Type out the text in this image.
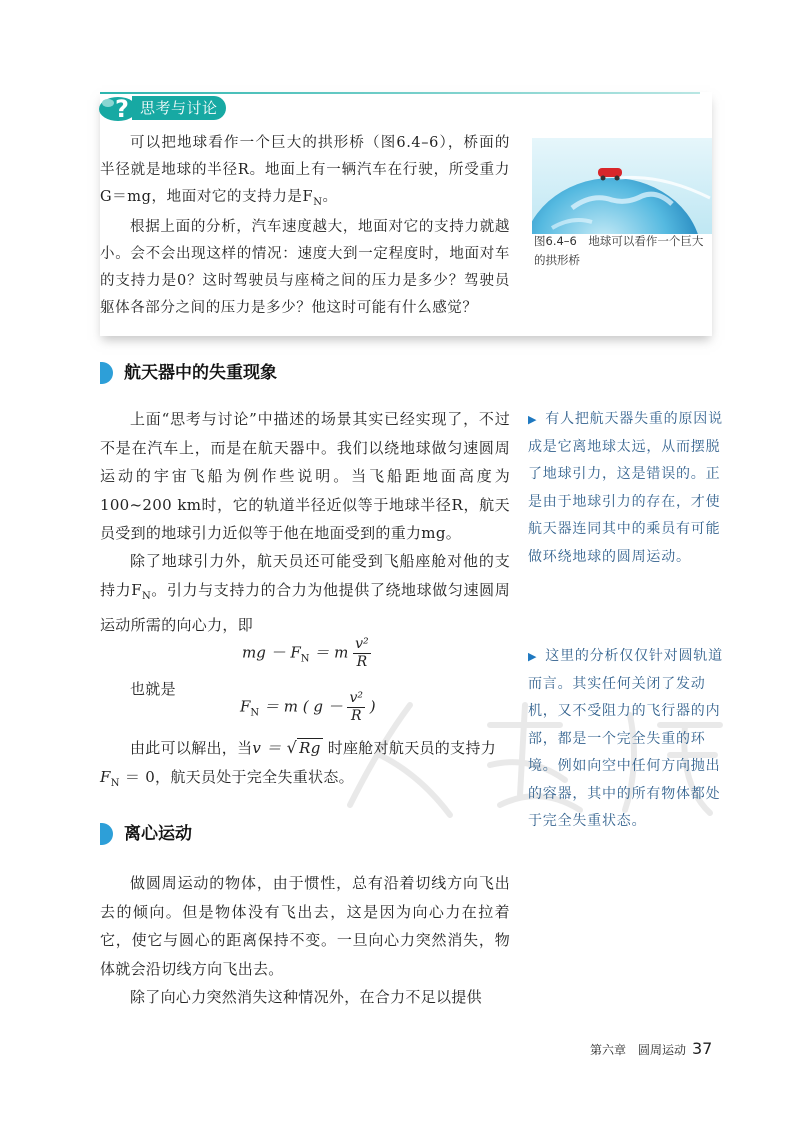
? 思考与讨论
可以把地球看作一个巨大的拱形桥（图6.4–6），桥面的半径就是地球的半径R。地面上有一辆汽车在行驶，所受重力G＝mg，地面对它的支持力是$F_N$。
根据上面的分析，汽车速度越大，地面对它的支持力就越小。会不会出现这样的情况：速度大到一定程度时，地面对车的支持力是0？这时驾驶员与座椅之间的压力是多少？驾驶员躯体各部分之间的压力是多少？他这时可能有什么感觉？
图6.4–6　地球可以看作一个巨大的拱形桥
航天器中的失重现象
上面“思考与讨论”中描述的场景其实已经实现了，不过不是在汽车上，而是在航天器中。我们以绕地球做匀速圆周运动的宇宙飞船为例作些说明。当飞船距地面高度为100~200 km时，它的轨道半径近似等于地球半径R，航天员受到的地球引力近似等于他在地面受到的重力mg。
除了地球引力外，航天员还可能受到飞船座舱对他的支持力$F_N$。引力与支持力的合力为他提供了绕地球做匀速圆周运动所需的向心力，即
mg － $F_N = m \frac{\text{v²}}{R}$
也就是
$F_N = m$ ( $g - \frac{\text{v²}}{R}$ )
由此可以解出，当v ＝ √ Rg 时座舱对航天员的支持力
$F_N = 0$，航天员处于完全失重状态。
离心运动
做圆周运动的物体，由于惯性，总有沿着切线方向飞出去的倾向。但是物体没有飞出去，这是因为向心力在拉着它，使它与圆心的距离保持不变。一旦向心力突然消失，物体就会沿切线方向飞出去。
除了向心力突然消失这种情况外，在合力不足以提供
▶ 有人把航天器失重的原因说成是它离地球太远，从而摆脱了地球引力，这是错误的。正是由于地球引力的存在，才使航天器连同其中的乘员有可能做环绕地球的圆周运动。
▶ 这里的分析仅仅针对圆轨道而言。其实任何关闭了发动机，又不受阻力的飞行器的内部，都是一个完全失重的环境。例如向空中任何方向抛出的容器，其中的所有物体都处于完全失重状态。
第六章　圆周运动 37
